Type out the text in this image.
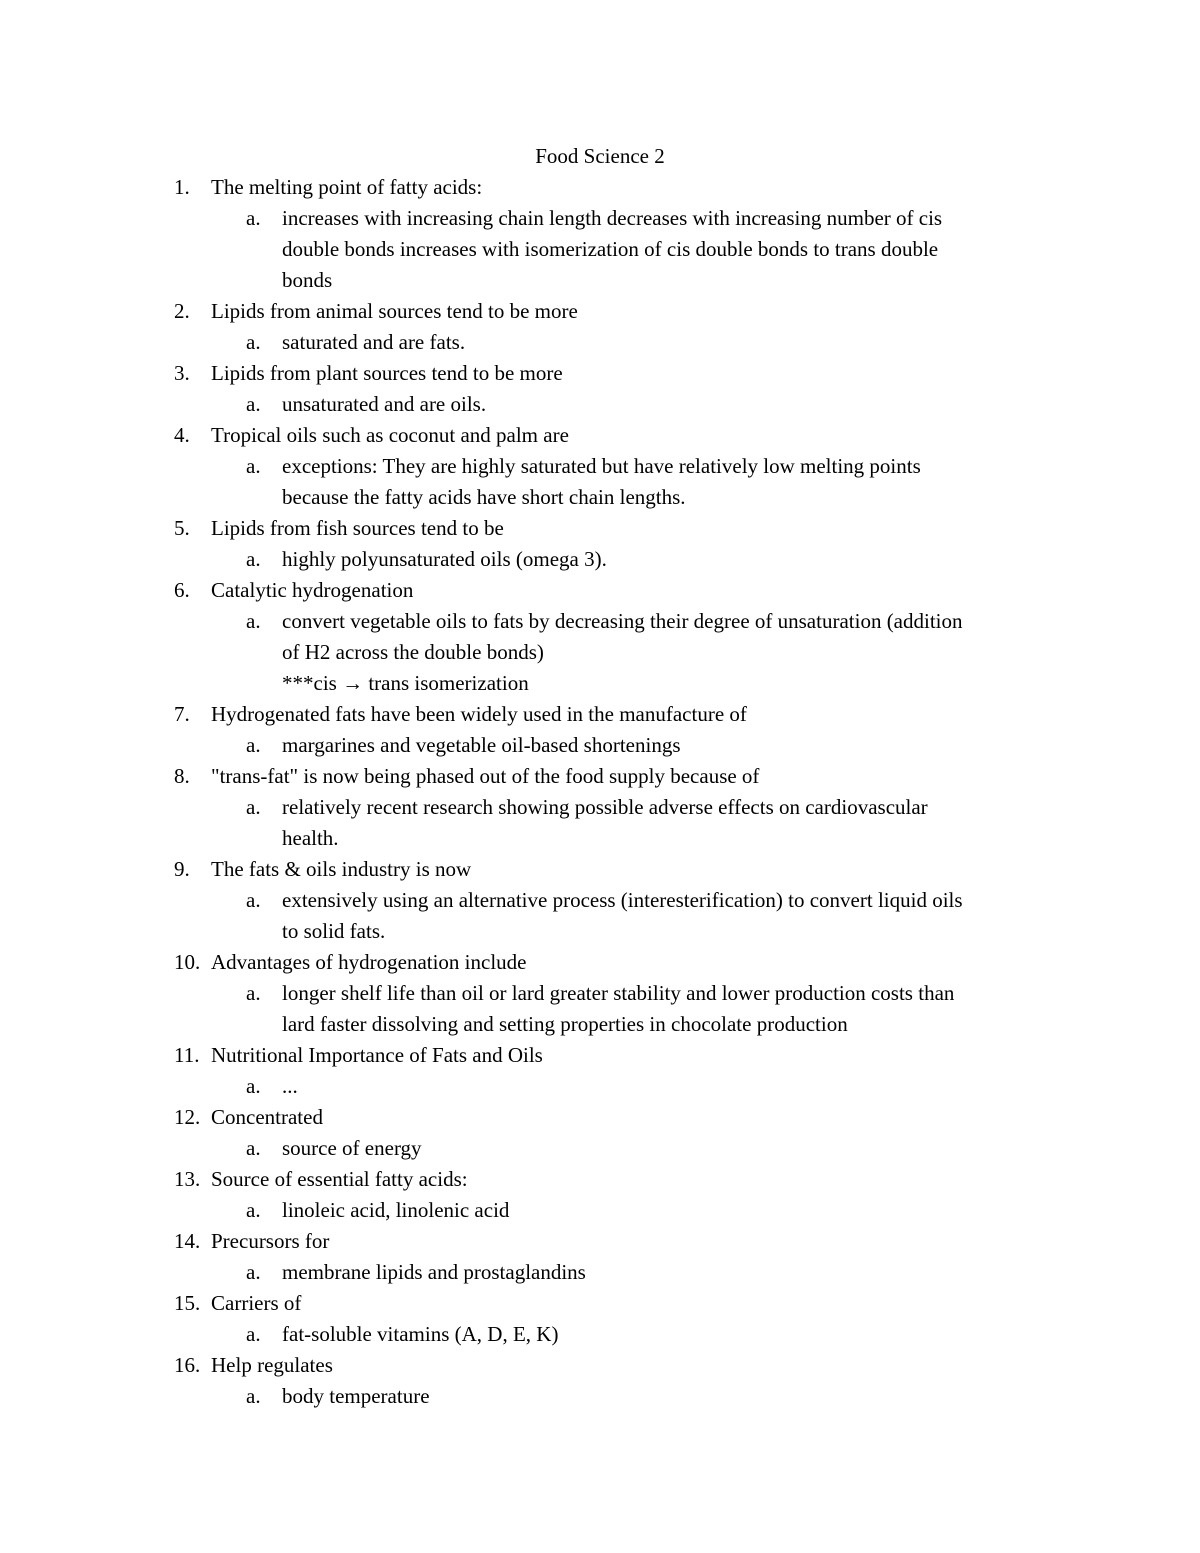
Food Science 2
1.	The melting point of fatty acids:
a.	increases with increasing chain length decreases with increasing number of cis
double bonds increases with isomerization of cis double bonds to trans double
bonds
2.	Lipids from animal sources tend to be more
a.	saturated and are fats.
3.	Lipids from plant sources tend to be more
a.	unsaturated and are oils.
4.	Tropical oils such as coconut and palm are
a.	exceptions: They are highly saturated but have relatively low melting points
because the fatty acids have short chain lengths.
5.	Lipids from fish sources tend to be
a.	highly polyunsaturated oils (omega 3).
6.	Catalytic hydrogenation
a.	convert vegetable oils to fats by decreasing their degree of unsaturation (addition
of H2 across the double bonds)
***cis → trans isomerization
7.	Hydrogenated fats have been widely used in the manufacture of
a.	margarines and vegetable oil-based shortenings
8.	"trans-fat" is now being phased out of the food supply because of
a.	relatively recent research showing possible adverse effects on cardiovascular
health.
9.	The fats & oils industry is now
a.	extensively using an alternative process (interesterification) to convert liquid oils
to solid fats.
10. Advantages of hydrogenation include
a.	longer shelf life than oil or lard greater stability and lower production costs than
lard faster dissolving and setting properties in chocolate production
11. Nutritional Importance of Fats and Oils
a.	...
12. Concentrated
a.	source of energy
13. Source of essential fatty acids:
a.	linoleic acid, linolenic acid
14. Precursors for
a.	membrane lipids and prostaglandins
15. Carriers of
a.	fat-soluble vitamins (A, D, E, K)
16. Help regulates
a.	body temperature
